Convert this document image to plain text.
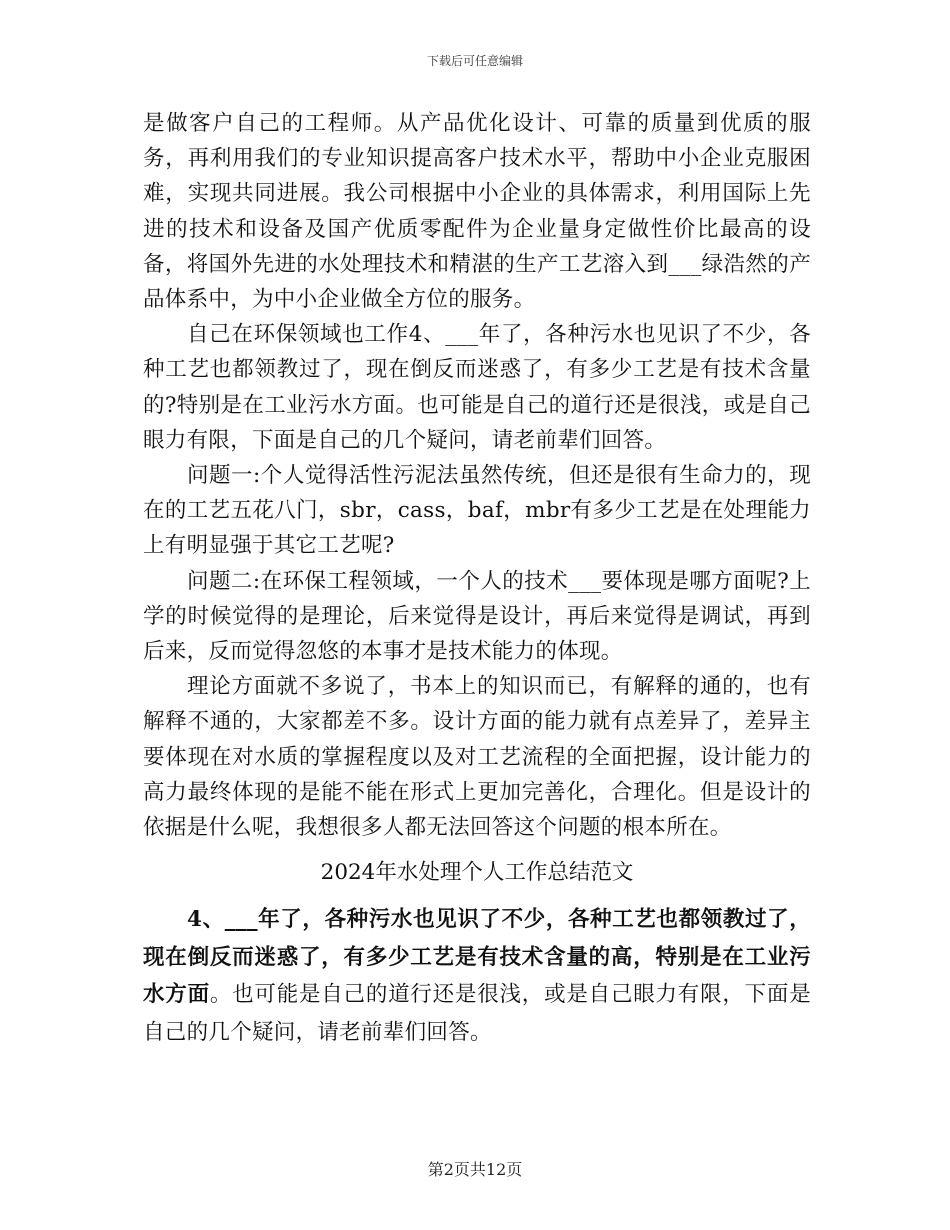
下载后可任意编辑

是做客户自己的工程师。从产品优化设计、可靠的质量到优质的服务，再利用我们的专业知识提高客户技术水平，帮助中小企业克服困难，实现共同进展。我公司根据中小企业的具体需求，利用国际上先进的技术和设备及国产优质零配件为企业量身定做性价比最高的设备，将国外先进的水处理技术和精湛的生产工艺溶入到___绿浩然的产品体系中，为中小企业做全方位的服务。

自己在环保领域也工作4、___年了，各种污水也见识了不少，各种工艺也都领教过了，现在倒反而迷惑了，有多少工艺是有技术含量的?特别是在工业污水方面。也可能是自己的道行还是很浅，或是自己眼力有限，下面是自己的几个疑问，请老前辈们回答。

问题一:个人觉得活性污泥法虽然传统，但还是很有生命力的，现在的工艺五花八门，sbr，cass，baf，mbr有多少工艺是在处理能力上有明显强于其它工艺呢?

问题二:在环保工程领域，一个人的技术___要体现是哪方面呢?上学的时候觉得的是理论，后来觉得是设计，再后来觉得是调试，再到后来，反而觉得忽悠的本事才是技术能力的体现。

理论方面就不多说了，书本上的知识而已，有解释的通的，也有解释不通的，大家都差不多。设计方面的能力就有点差异了，差异主要体现在对水质的掌握程度以及对工艺流程的全面把握，设计能力的高力最终体现的是能不能在形式上更加完善化，合理化。但是设计的依据是什么呢，我想很多人都无法回答这个问题的根本所在。

2024年水处理个人工作总结范文

4、___年了，各种污水也见识了不少，各种工艺也都领教过了，现在倒反而迷惑了，有多少工艺是有技术含量的高，特别是在工业污水方面。也可能是自己的道行还是很浅，或是自己眼力有限，下面是自己的几个疑问，请老前辈们回答。

第2页共12页
